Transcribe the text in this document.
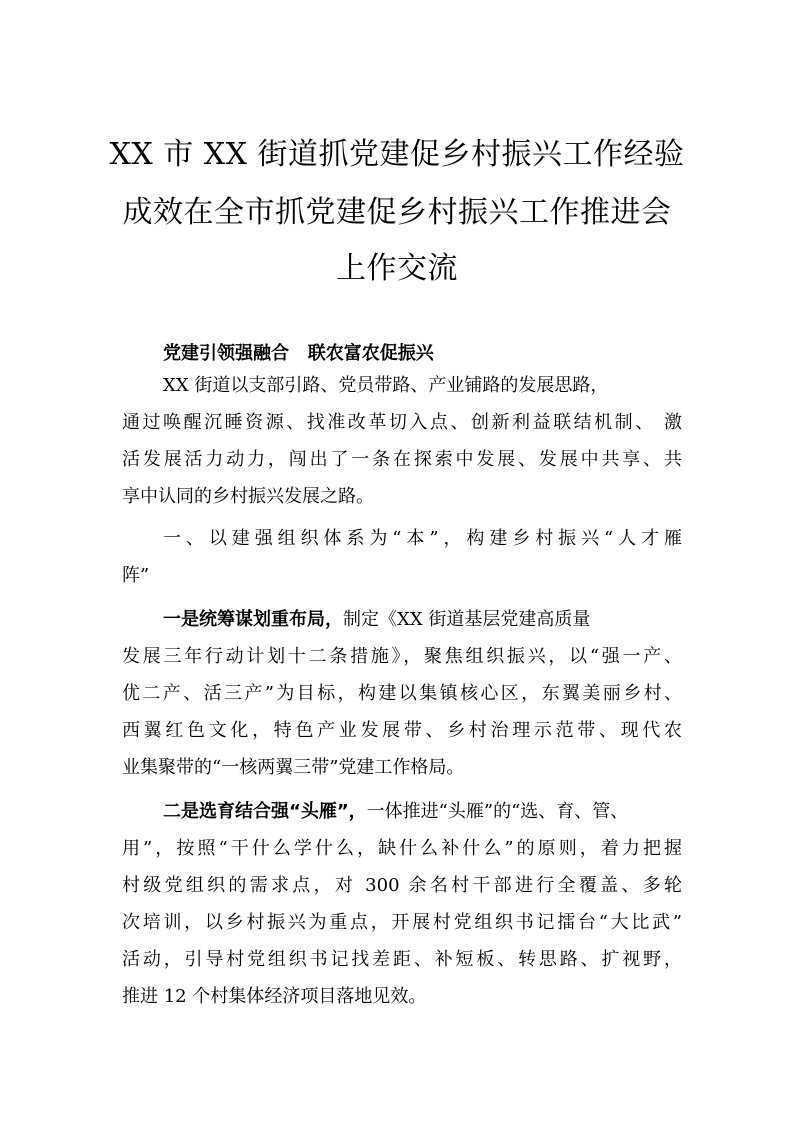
XX 市 XX 街道抓党建促乡村振兴工作经验
成效在全市抓党建促乡村振兴工作推进会
上作交流
党建引领强融合   联农富农促振兴
XX 街道以支部引路、党员带路、产业铺路的发展思路，
通过唤醒沉睡资源、找准改革切入点、创新利益联结机制、 激
活发展活力动力，闯出了一条在探索中发展、发展中共享、共
享中认同的乡村振兴发展之路。
一、以建强组织体系为“本”，构建乡村振兴“人才雁
阵”
一是统筹谋划重布局，制定《XX 街道基层党建高质量
发展三年行动计划十二条措施》，聚焦组织振兴，以“强一产、
优二产、活三产”为目标，构建以集镇核心区，东翼美丽乡村、
西翼红色文化，特色产业发展带、乡村治理示范带、现代农
业集聚带的“一核两翼三带”党建工作格局。
二是选育结合强“头雁”，一体推进“头雁”的“选、育、管、
用”，按照“干什么学什么，缺什么补什么”的原则，着力把握
村级党组织的需求点，对 300 余名村干部进行全覆盖、多轮
次培训，以乡村振兴为重点，开展村党组织书记擂台“大比武”
活动，引导村党组织书记找差距、补短板、转思路、扩视野，
推进 12 个村集体经济项目落地见效。
